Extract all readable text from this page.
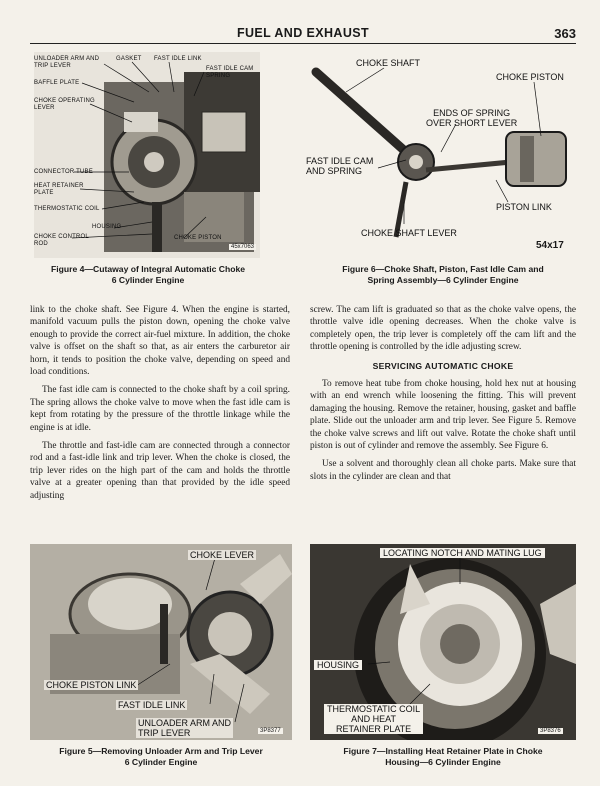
FUEL AND EXHAUST	363
UNLOADER ARM AND
TRIP LEVER
GASKET FAST IDLE LINK
FAST IDLE CAM
SPRING
BAFFLE PLATE
CHOKE OPERATING
LEVER
CONNECTOR TUBE
HEAT RETAINER
PLATE
THERMOSTATIC COIL
HOUSING
CHOKE CONTROL
ROD
CHOKE PISTON
45x7063
Figure 4—Cutaway of Integral Automatic Choke
6 Cylinder Engine
CHOKE SHAFT
CHOKE PISTON
ENDS OF SPRING
OVER SHORT LEVER
FAST IDLE CAM
AND SPRING
PISTON LINK
CHOKE SHAFT LEVER
54x17
Figure 6—Choke Shaft, Piston, Fast Idle Cam and
Spring Assembly—6 Cylinder Engine

link to the choke shaft. See Figure 4. When the engine is started, manifold vacuum pulls the piston down, opening the choke valve enough to provide the correct air-fuel mixture. In addition, the choke valve is offset on the shaft so that, as air enters the carburetor air horn, it tends to position the choke valve, depending on speed and load conditions.

The fast idle cam is connected to the choke shaft by a coil spring. The spring allows the choke valve to move when the fast idle cam is kept from rotating by the pressure of the throttle linkage while the engine is at idle.

The throttle and fast-idle cam are connected through a connector rod and a fast-idle link and trip lever. When the choke is closed, the trip lever rides on the high part of the cam and holds the throttle valve at a greater opening than that provided by the idle speed adjusting

screw. The cam lift is graduated so that as the choke valve opens, the throttle valve idle opening decreases. When the choke valve is completely open, the trip lever is completely off the cam lift and the throttle opening is controlled by the idle adjusting screw.

SERVICING AUTOMATIC CHOKE

To remove heat tube from choke housing, hold hex nut at housing with an end wrench while loosening the fitting. This will prevent damaging the housing. Remove the retainer, housing, gasket and baffle plate. Slide out the unloader arm and trip lever. See Figure 5. Remove the choke valve screws and lift out valve. Rotate the choke shaft until piston is out of cylinder and remove the assembly. See Figure 6.

Use a solvent and thoroughly clean all choke parts. Make sure that slots in the cylinder are clean and that

CHOKE LEVER
CHOKE PISTON LINK
FAST IDLE LINK
UNLOADER ARM AND
TRIP LEVER	3P8377
Figure 5—Removing Unloader Arm and Trip Lever
6 Cylinder Engine
LOCATING NOTCH AND MATING LUG
HOUSING
THERMOSTATIC COIL
AND HEAT
RETAINER PLATE	3P8376
Figure 7—Installing Heat Retainer Plate in Choke
Housing—6 Cylinder Engine
